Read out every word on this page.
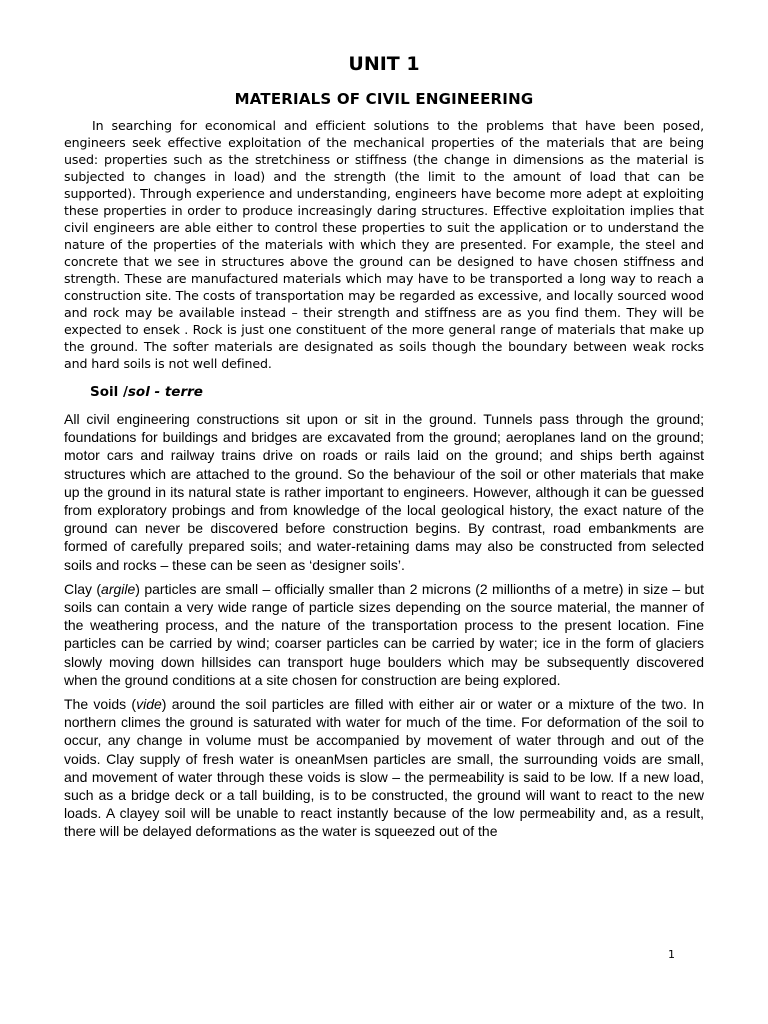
UNIT 1
MATERIALS OF CIVIL ENGINEERING

In searching for economical and efficient solutions to the problems that have been posed, engineers seek effective exploitation of the mechanical properties of the materials that are being used: properties such as the stretchiness or stiffness (the change in dimensions as the material is subjected to changes in load) and the strength (the limit to the amount of load that can be supported). Through experience and understanding, engineers have become more adept at exploiting these properties in order to produce increasingly daring structures. Effective exploitation implies that civil engineers are able either to control these properties to suit the application or to understand the nature of the properties of the materials with which they are presented. For example, the steel and concrete that we see in structures above the ground can be designed to have chosen stiffness and strength. These are manufactured materials which may have to be transported a long way to reach a construction site. The costs of transportation may be regarded as excessive, and locally sourced wood and rock may be available instead – their strength and stiffness are as you find them. They will be expected to ensek . Rock is just one constituent of the more general range of materials that make up the ground. The softer materials are designated as soils though the boundary between weak rocks and hard soils is not well defined.

Soil /sol - terre

All civil engineering constructions sit upon or sit in the ground. Tunnels pass through the ground; foundations for buildings and bridges are excavated from the ground; aeroplanes land on the ground; motor cars and railway trains drive on roads or rails laid on the ground; and ships berth against structures which are attached to the ground. So the behaviour of the soil or other materials that make up the ground in its natural state is rather important to engineers. However, although it can be guessed from exploratory probings and from knowledge of the local geological history, the exact nature of the ground can never be discovered before construction begins. By contrast, road embankments are formed of carefully prepared soils; and water-retaining dams may also be constructed from selected soils and rocks – these can be seen as ‘designer soils’.

Clay (argile) particles are small – officially smaller than 2 microns (2 millionths of a metre) in size – but soils can contain a very wide range of particle sizes depending on the source material, the manner of the weathering process, and the nature of the transportation process to the present location. Fine particles can be carried by wind; coarser particles can be carried by water; ice in the form of glaciers slowly moving down hillsides can transport huge boulders which may be subsequently discovered when the ground conditions at a site chosen for construction are being explored.

The voids (vide) around the soil particles are filled with either air or water or a mixture of the two. In northern climes the ground is saturated with water for much of the time. For deformation of the soil to occur, any change in volume must be accompanied by movement of water through and out of the voids. Clay supply of fresh water is oneanMsen particles are small, the surrounding voids are small, and movement of water through these voids is slow – the permeability is said to be low. If a new load, such as a bridge deck or a tall building, is to be constructed, the ground will want to react to the new loads. A clayey soil will be unable to react instantly because of the low permeability and, as a result, there will be delayed deformations as the water is squeezed out of the

1
